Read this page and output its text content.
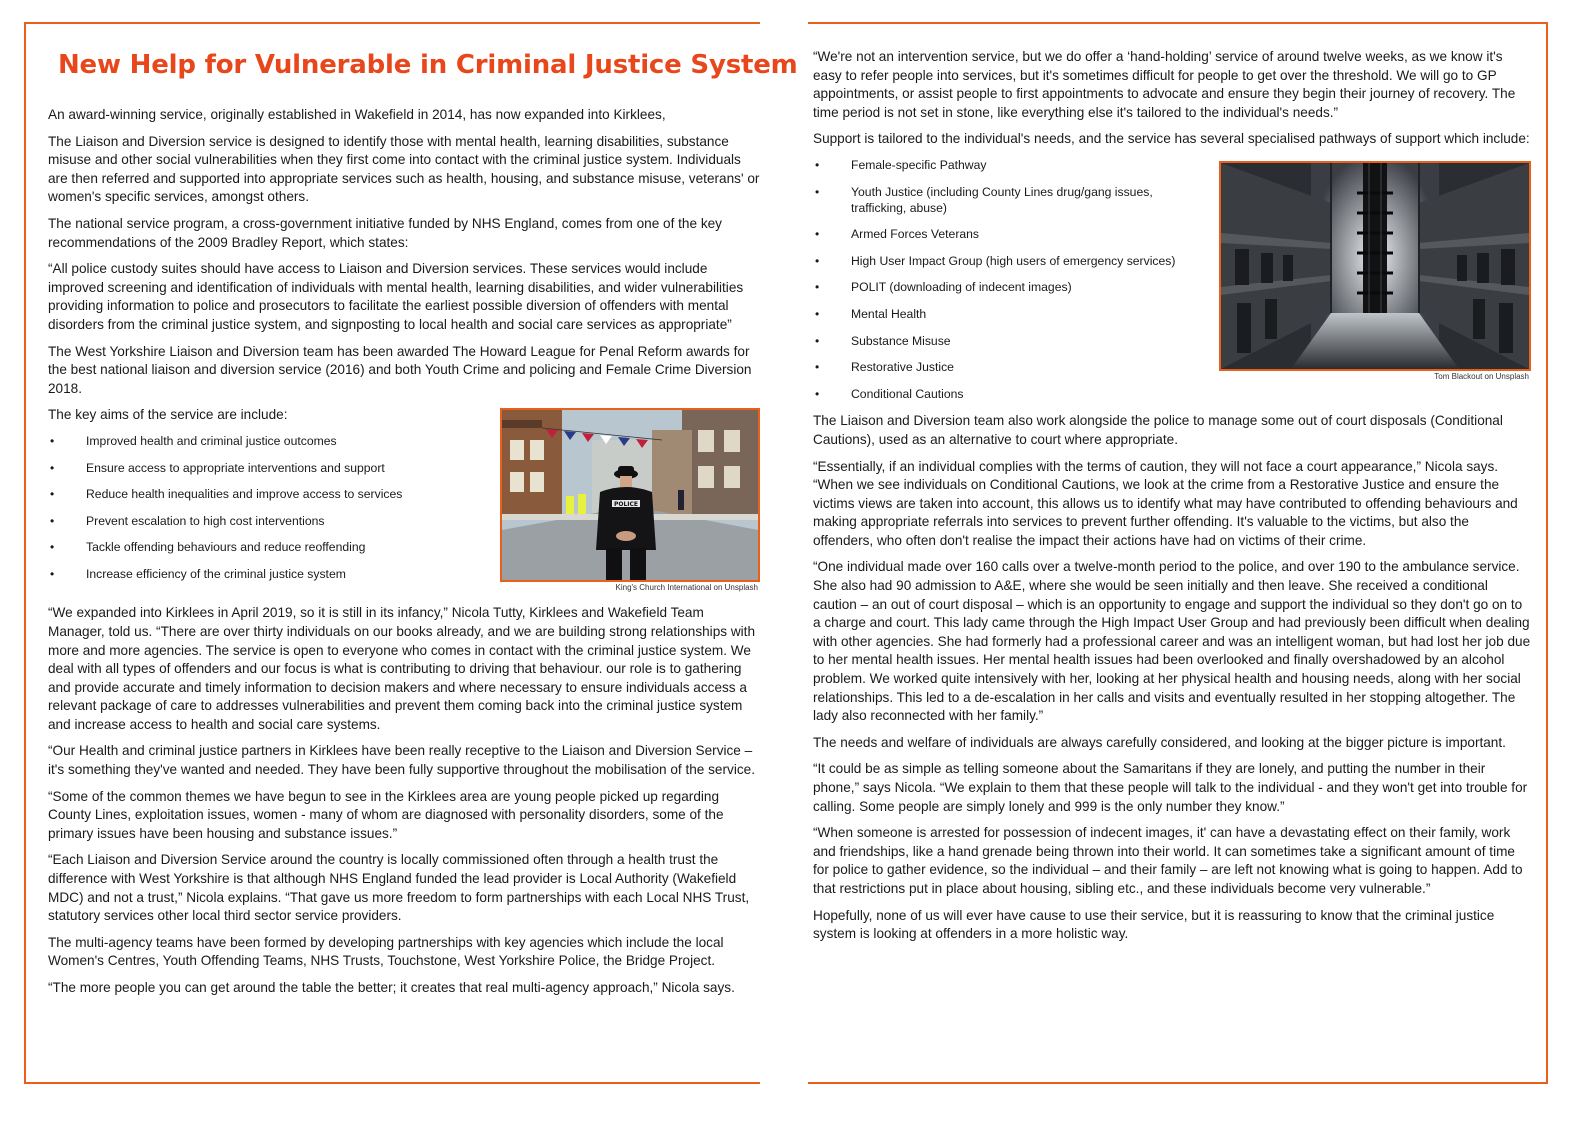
New Help for Vulnerable in Criminal Justice System

An award-winning service, originally established in Wakefield in 2014, has now expanded into Kirklees,

The Liaison and Diversion service is designed to identify those with mental health, learning disabilities, substance misuse and other social vulnerabilities when they first come into contact with the criminal justice system. Individuals are then referred and supported into appropriate services such as health, housing, and substance misuse, veterans' or women's specific services, amongst others.

The national service program, a cross-government initiative funded by NHS England, comes from one of the key recommendations of the 2009 Bradley Report, which states:

“All police custody suites should have access to Liaison and Diversion services. These services would include improved screening and identification of individuals with mental health, learning disabilities, and wider vulnerabilities providing information to police and prosecutors to facilitate the earliest possible diversion of offenders with mental disorders from the criminal justice system, and signposting to local health and social care services as appropriate”

The West Yorkshire Liaison and Diversion team has been awarded The Howard League for Penal Reform awards for the best national liaison and diversion service (2016) and both Youth Crime and policing and Female Crime Diversion 2018.

POLICE
King's Church International on Unsplash

The key aims of the service are include:

• Improved health and criminal justice outcomes
• Ensure access to appropriate interventions and support
• Reduce health inequalities and improve access to services
• Prevent escalation to high cost interventions
• Tackle offending behaviours and reduce reoffending
• Increase efficiency of the criminal justice system

“We expanded into Kirklees in April 2019, so it is still in its infancy,” Nicola Tutty, Kirklees and Wakefield Team Manager, told us. “There are over thirty individuals on our books already, and we are building strong relationships with more and more agencies. The service is open to everyone who comes in contact with the criminal justice system. We deal with all types of offenders and our focus is what is contributing to driving that behaviour. our role is to gathering and provide accurate and timely information to decision makers and where necessary to ensure individuals access a relevant package of care to addresses vulnerabilities and prevent them coming back into the criminal justice system and increase access to health and social care systems.

“Our Health and criminal justice partners in Kirklees have been really receptive to the Liaison and Diversion Service – it's something they've wanted and needed. They have been fully supportive throughout the mobilisation of the service.

“Some of the common themes we have begun to see in the Kirklees area are young people picked up regarding County Lines, exploitation issues, women - many of whom are diagnosed with personality disorders, some of the primary issues have been housing and substance issues.”

“Each Liaison and Diversion Service around the country is locally commissioned often through a health trust the difference with West Yorkshire is that although NHS England funded the lead provider is Local Authority (Wakefield MDC) and not a trust,” Nicola explains. “That gave us more freedom to form partnerships with each Local NHS Trust, statutory services other local third sector service providers.

The multi-agency teams have been formed by developing partnerships with key agencies which include the local Women's Centres, Youth Offending Teams, NHS Trusts, Touchstone, West Yorkshire Police, the Bridge Project.

“The more people you can get around the table the better; it creates that real multi-agency approach,” Nicola says.

“We're not an intervention service, but we do offer a ‘hand-holding’ service of around twelve weeks, as we know it's easy to refer people into services, but it's sometimes difficult for people to get over the threshold. We will go to GP appointments, or assist people to first appointments to advocate and ensure they begin their journey of recovery. The time period is not set in stone, like everything else it's tailored to the individual's needs.”

Support is tailored to the individual's needs, and the service has several specialised pathways of support which include:

Tom Blackout on Unsplash
• Female-specific Pathway
• Youth Justice (including County Lines drug/gang issues, trafficking, abuse)
• Armed Forces Veterans
• High User Impact Group (high users of emergency services)
• POLIT (downloading of indecent images)
• Mental Health
• Substance Misuse
• Restorative Justice
• Conditional Cautions

The Liaison and Diversion team also work alongside the police to manage some out of court disposals (Conditional Cautions), used as an alternative to court where appropriate.

“Essentially, if an individual complies with the terms of caution, they will not face a court appearance,” Nicola says. “When we see individuals on Conditional Cautions, we look at the crime from a Restorative Justice and ensure the victims views are taken into account, this allows us to identify what may have contributed to offending behaviours and making appropriate referrals into services to prevent further offending. It's valuable to the victims, but also the offenders, who often don't realise the impact their actions have had on victims of their crime.

“One individual made over 160 calls over a twelve-month period to the police, and over 190 to the ambulance service. She also had 90 admission to A&E, where she would be seen initially and then leave. She received a conditional caution – an out of court disposal – which is an opportunity to engage and support the individual so they don't go on to a charge and court. This lady came through the High Impact User Group and had previously been difficult when dealing with other agencies. She had formerly had a professional career and was an intelligent woman, but had lost her job due to her mental health issues. Her mental health issues had been overlooked and finally overshadowed by an alcohol problem. We worked quite intensively with her, looking at her physical health and housing needs, along with her social relationships. This led to a de-escalation in her calls and visits and eventually resulted in her stopping altogether. The lady also reconnected with her family.”

The needs and welfare of individuals are always carefully considered, and looking at the bigger picture is important.

“It could be as simple as telling someone about the Samaritans if they are lonely, and putting the number in their phone,” says Nicola. “We explain to them that these people will talk to the individual - and they won't get into trouble for calling. Some people are simply lonely and 999 is the only number they know.”

“When someone is arrested for possession of indecent images, it' can have a devastating effect on their family, work and friendships, like a hand grenade being thrown into their world. It can sometimes take a significant amount of time for police to gather evidence, so the individual – and their family – are left not knowing what is going to happen. Add to that restrictions put in place about housing, sibling etc., and these individuals become very vulnerable.”

Hopefully, none of us will ever have cause to use their service, but it is reassuring to know that the criminal justice system is looking at offenders in a more holistic way.
